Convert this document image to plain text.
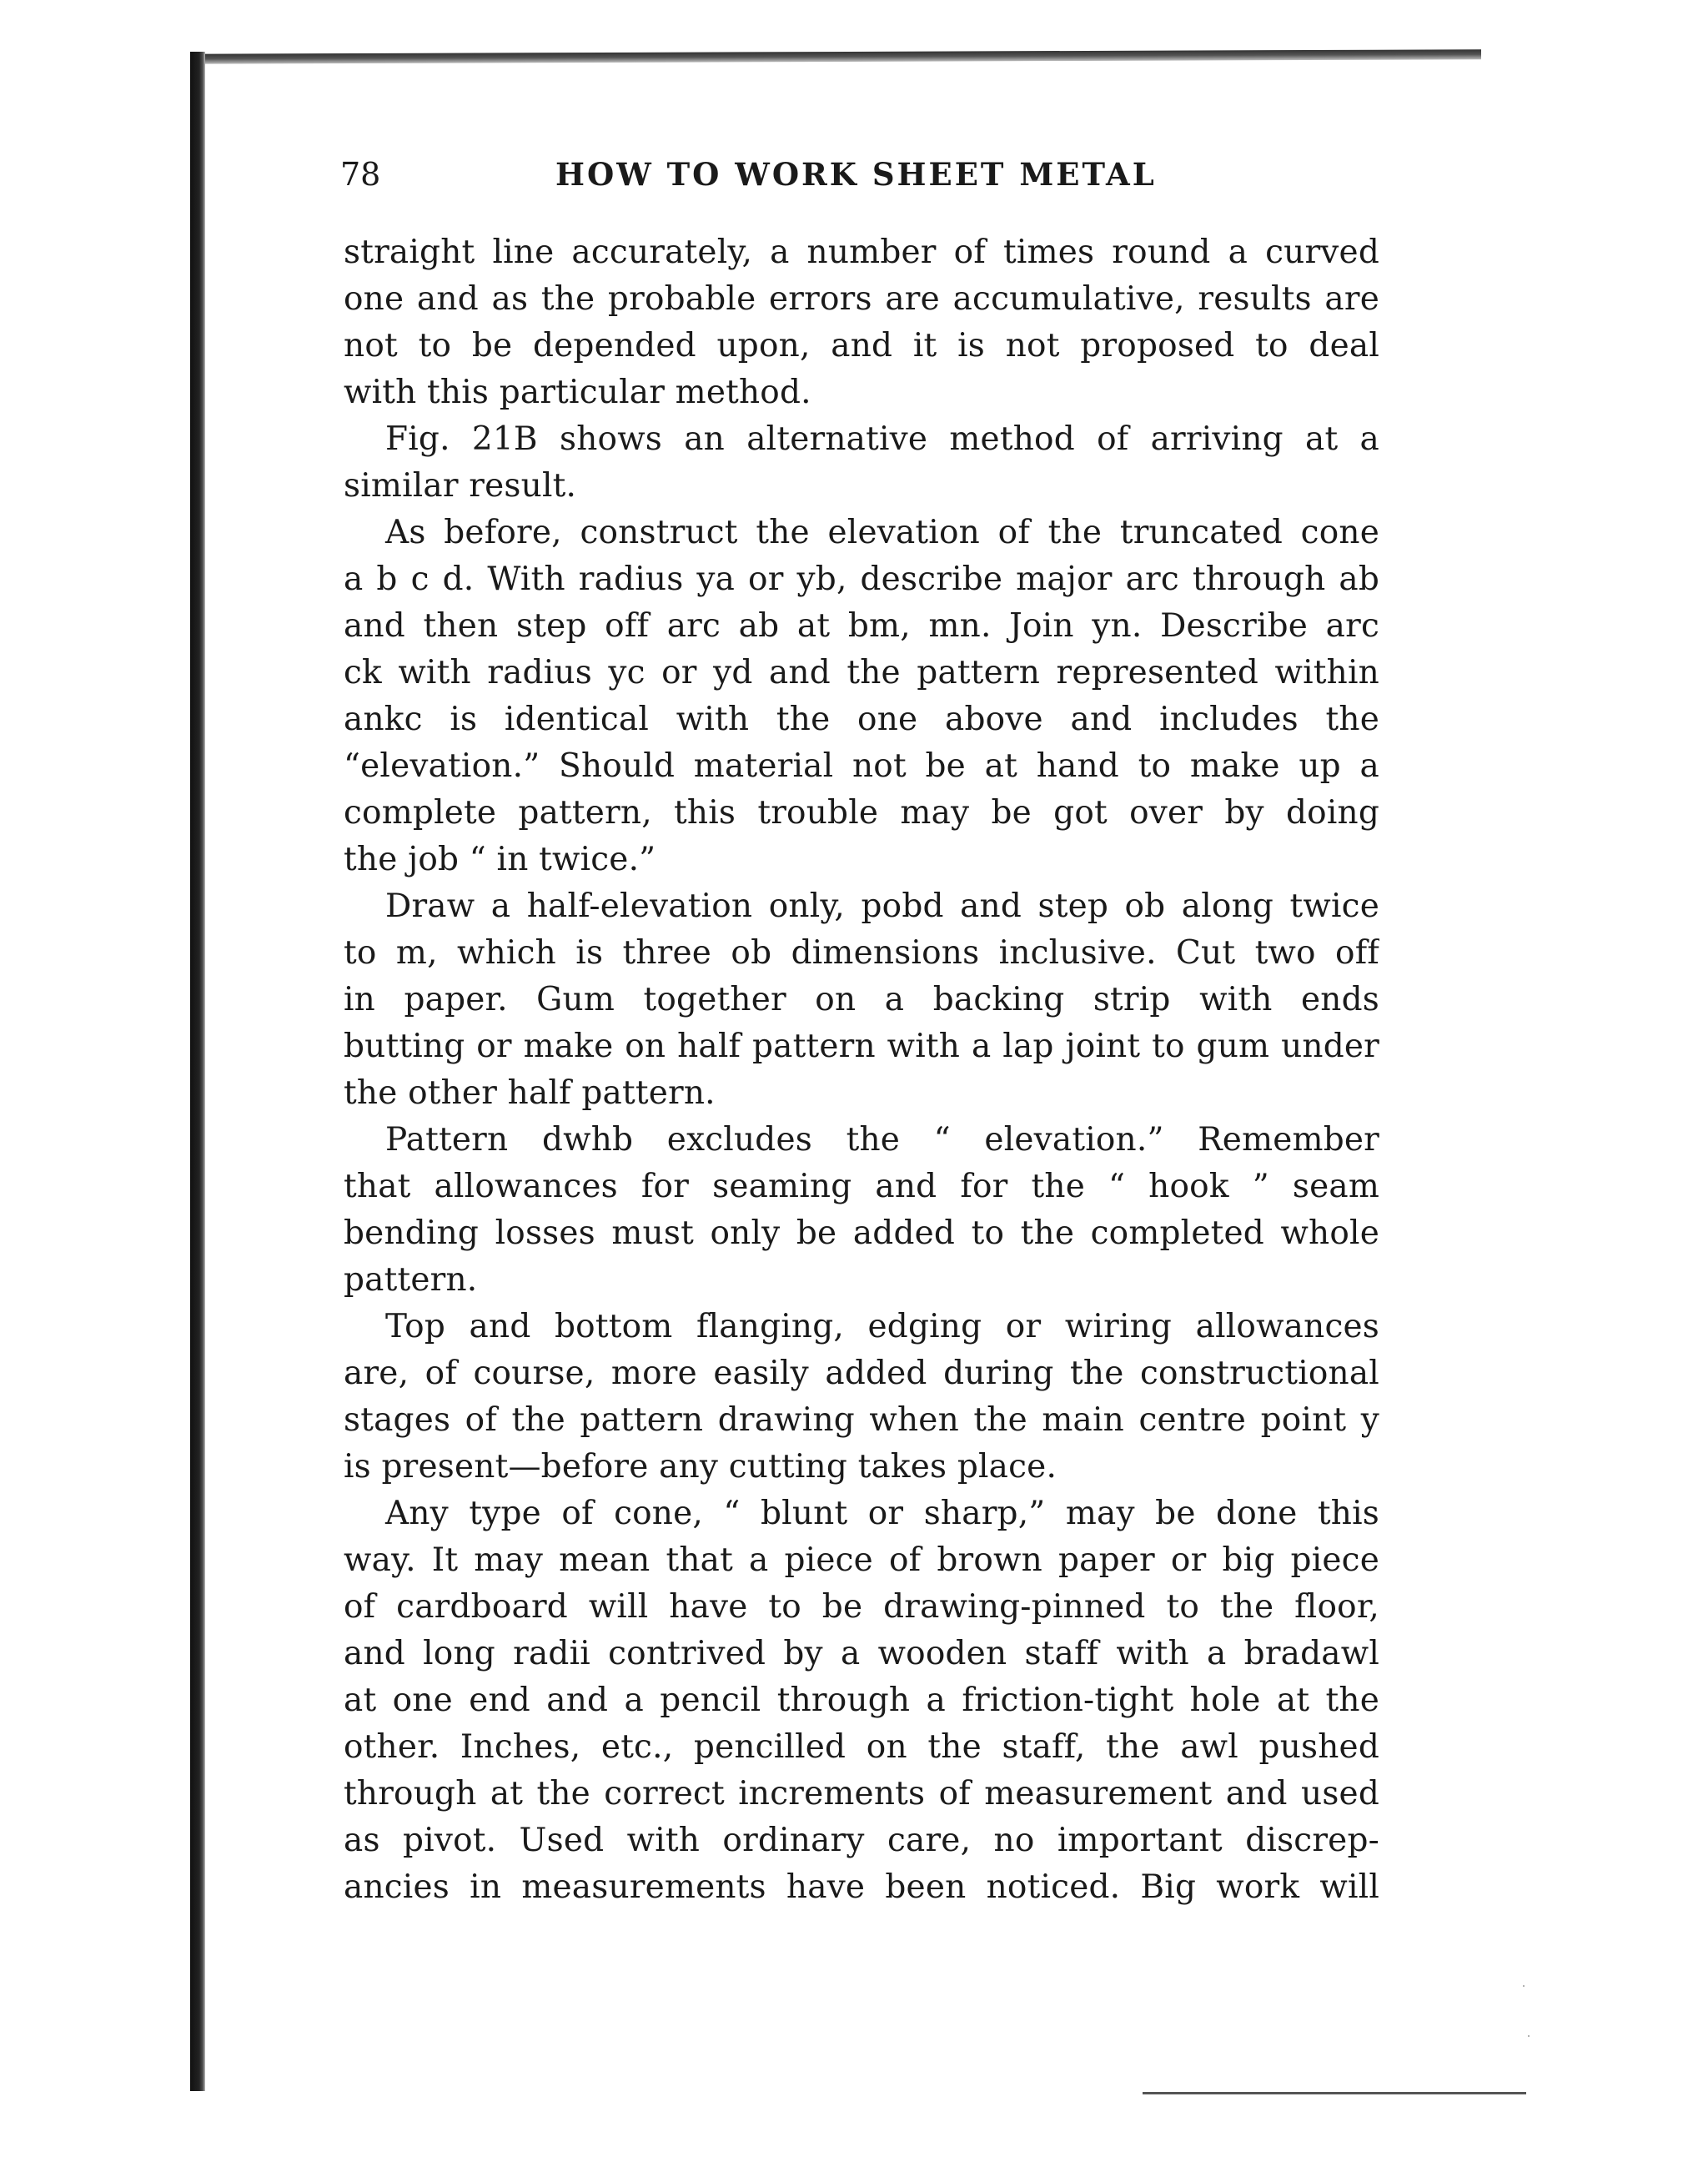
78	HOW TO WORK SHEET METAL
straight line accurately, a number of times round a curved
one and as the probable errors are accumulative, results are
not to be depended upon, and it is not proposed to deal
with this particular method.
Fig. 21B shows an alternative method of arriving at a
similar result.
As before, construct the elevation of the truncated cone
a b c d. With radius ya or yb, describe major arc through ab
and then step off arc ab at bm, mn. Join yn. Describe arc
ck with radius yc or yd and the pattern represented within
ankc is identical with the one above and includes the
“elevation.” Should material not be at hand to make up a
complete pattern, this trouble may be got over by doing
the job “ in twice.”
Draw a half-elevation only, pobd and step ob along twice
to m, which is three ob dimensions inclusive. Cut two off
in paper. Gum together on a backing strip with ends
butting or make on half pattern with a lap joint to gum under
the other half pattern.
Pattern dwhb excludes the “ elevation.” Remember
that allowances for seaming and for the “ hook ” seam
bending losses must only be added to the completed whole
pattern.
Top and bottom flanging, edging or wiring allowances
are, of course, more easily added during the constructional
stages of the pattern drawing when the main centre point y
is present—before any cutting takes place.
Any type of cone, “ blunt or sharp,” may be done this
way. It may mean that a piece of brown paper or big piece
of cardboard will have to be drawing-pinned to the floor,
and long radii contrived by a wooden staff with a bradawl
at one end and a pencil through a friction-tight hole at the
other. Inches, etc., pencilled on the staff, the awl pushed
through at the correct increments of measurement and used
as pivot. Used with ordinary care, no important discrep-
ancies in measurements have been noticed. Big work will
